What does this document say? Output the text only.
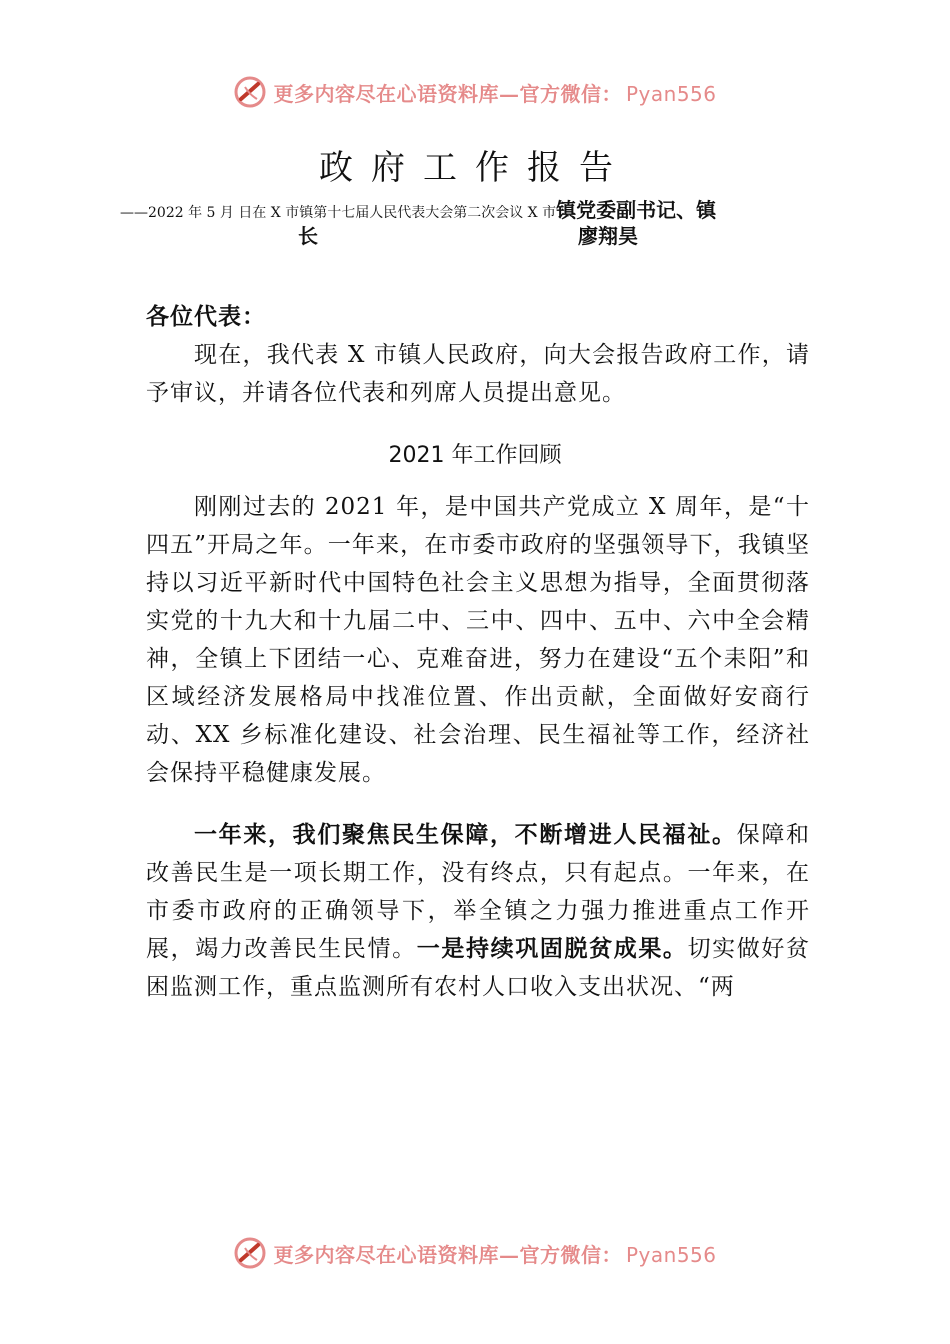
更多内容尽在心语资料库—官方微信： Pyan556
政府工作报告
——2022 年 5 月 日在 X 市镇第十七届人民代表大会第二次会议 X 市镇党委副书记、镇
长	廖翔昊
各位代表：
现在，我代表 X 市镇人民政府，向大会报告政府工作，请予审议，并请各位代表和列席人员提出意见。
2021 年工作回顾
刚刚过去的 2021 年，是中国共产党成立 X 周年，是“十四五”开局之年。一年来，在市委市政府的坚强领导下，我镇坚持以习近平新时代中国特色社会主义思想为指导，全面贯彻落实党的十九大和十九届二中、三中、四中、五中、六中全会精神，全镇上下团结一心、克难奋进，努力在建设“五个耒阳”和区域经济发展格局中找准位置、作出贡献，全面做好安商行动、XX 乡标准化建设、社会治理、民生福祉等工作，经济社会保持平稳健康发展。
一年来，我们聚焦民生保障，不断增进人民福祉。保障和改善民生是一项长期工作，没有终点，只有起点。一年来，在市委市政府的正确领导下，举全镇之力强力推进重点工作开展，竭力改善民生民情。一是持续巩固脱贫成果。切实做好贫困监测工作，重点监测所有农村人口收入支出状况、“两
更多内容尽在心语资料库—官方微信： Pyan556
